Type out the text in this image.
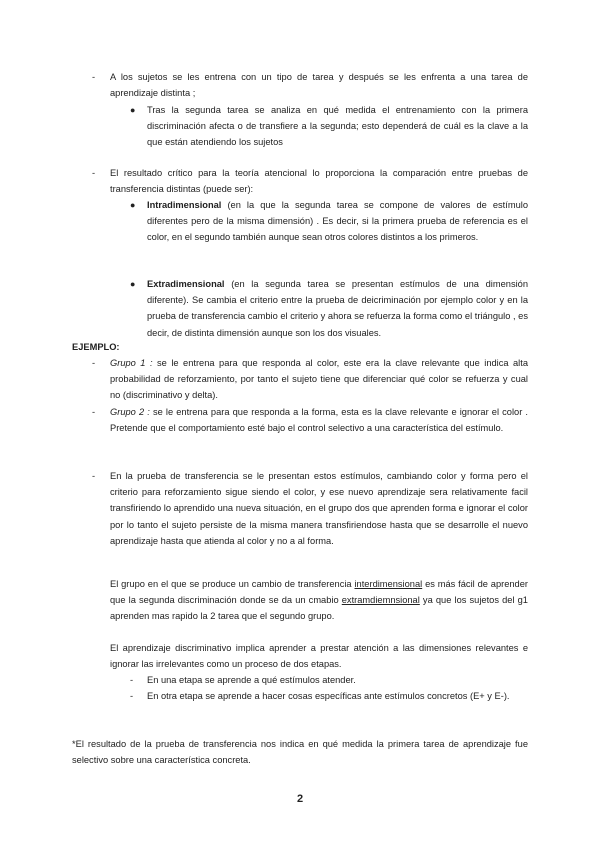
- A los sujetos se les entrena con un tipo de tarea y después se les enfrenta a una tarea de aprendizaje distinta ;
● Tras la segunda tarea se analiza en qué medida el entrenamiento con la primera discriminación afecta o de transfiere a la segunda; esto dependerá de cuál es la clave a la que están atendiendo los sujetos
- El resultado crítico para la teoría atencional lo proporciona la comparación entre pruebas de transferencia distintas (puede ser):
● Intradimensional (en la que la segunda tarea se compone de valores de estímulo diferentes pero de la misma dimensión) . Es decir, si la primera prueba de referencia es el color, en el segundo también aunque sean otros colores distintos a los primeros.
● Extradimensional (en la segunda tarea se presentan estímulos de una dimensión diferente). Se cambia el criterio entre la prueba de deicriminación por ejemplo color y en la prueba de transferencia cambio el criterio y ahora se refuerza la forma como el triángulo , es decir, de distinta dimensión aunque son los dos visuales.
EJEMPLO:
- Grupo 1 : se le entrena para que responda al color, este era la clave relevante que indica alta probabilidad de reforzamiento, por tanto el sujeto tiene que diferenciar qué color se refuerza y cual no (discriminativo y delta).
- Grupo 2 : se le entrena para que responda a la forma, esta es la clave relevante e ignorar el color . Pretende que el comportamiento esté bajo el control selectivo a una característica del estímulo.
- En la prueba de transferencia se le presentan estos estímulos, cambiando color y forma pero el criterio para reforzamiento sigue siendo el color, y ese nuevo aprendizaje sera relativamente facil transfiriendo lo aprendido una nueva situación, en el grupo dos que aprenden forma e ignorar el color por lo tanto el sujeto persiste de la misma manera transfiriendose hasta que se desarrolle el nuevo aprendizaje hasta que atienda al color y no a al forma.
El grupo en el que se produce un cambio de transferencia interdimensional es más fácil de aprender que la segunda discriminación donde se da un cmabio extramdiemnsional ya que los sujetos del g1 aprenden mas rapido la 2 tarea que el segundo grupo.
El aprendizaje discriminativo implica aprender a prestar atención a las dimensiones relevantes e ignorar las irrelevantes como un proceso de dos etapas.
- En una etapa se aprende a qué estímulos atender.
- En otra etapa se aprende a hacer cosas específicas ante estímulos concretos (E+ y E-).
*El resultado de la prueba de transferencia nos indica en qué medida la primera tarea de aprendizaje fue selectivo sobre una característica concreta.
2
